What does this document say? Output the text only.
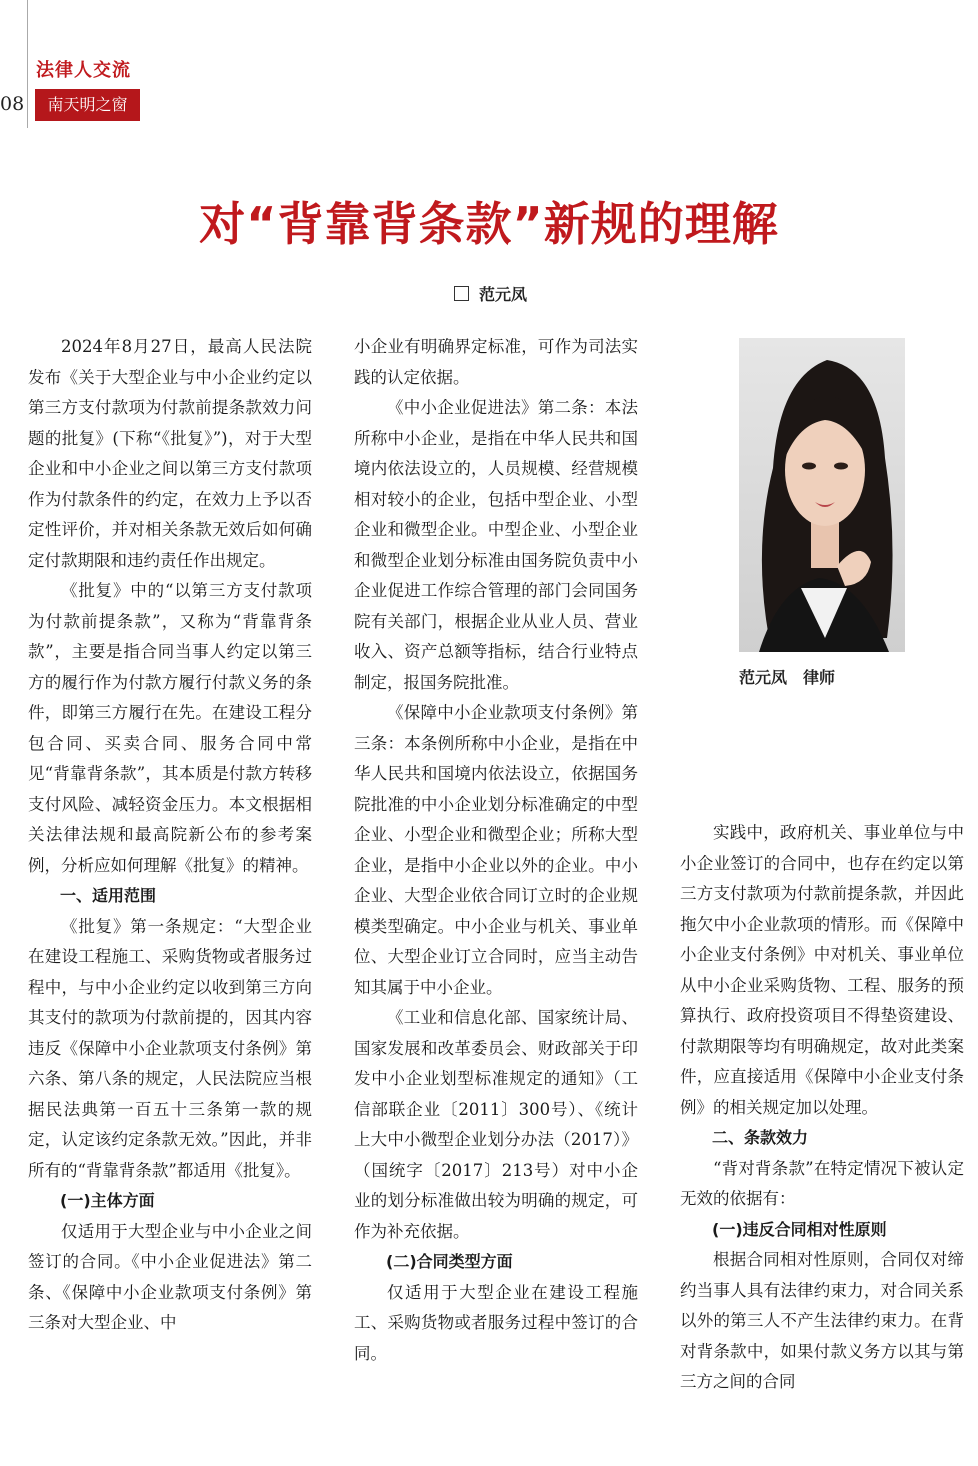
08
法律人交流
南天明之窗
对“背靠背条款”新规的理解
范元凤

2024年8月27日，最高人民法院发布《关于大型企业与中小企业约定以第三方支付款项为付款前提条款效力问题的批复》(下称“《批复》”)，对于大型企业和中小企业之间以第三方支付款项作为付款条件的约定，在效力上予以否定性评价，并对相关条款无效后如何确定付款期限和违约责任作出规定。

《批复》中的“以第三方支付款项为付款前提条款”，又称为“背靠背条款”，主要是指合同当事人约定以第三方的履行作为付款方履行付款义务的条件，即第三方履行在先。在建设工程分包合同、买卖合同、服务合同中常见“背靠背条款”，其本质是付款方转移支付风险、减轻资金压力。本文根据相关法律法规和最高院新公布的参考案例，分析应如何理解《批复》的精神。

一、适用范围

《批复》第一条规定：“大型企业在建设工程施工、采购货物或者服务过程中，与中小企业约定以收到第三方向其支付的款项为付款前提的，因其内容违反《保障中小企业款项支付条例》第六条、第八条的规定，人民法院应当根据民法典第一百五十三条第一款的规定，认定该约定条款无效。”因此，并非所有的“背靠背条款”都适用《批复》。

(一)主体方面

仅适用于大型企业与中小企业之间签订的合同。《中小企业促进法》第二条、《保障中小企业款项支付条例》第三条对大型企业、中

小企业有明确界定标准，可作为司法实践的认定依据。

《中小企业促进法》第二条：本法所称中小企业，是指在中华人民共和国境内依法设立的，人员规模、经营规模相对较小的企业，包括中型企业、小型企业和微型企业。中型企业、小型企业和微型企业划分标准由国务院负责中小企业促进工作综合管理的部门会同国务院有关部门，根据企业从业人员、营业收入、资产总额等指标，结合行业特点制定，报国务院批准。

《保障中小企业款项支付条例》第三条：本条例所称中小企业，是指在中华人民共和国境内依法设立，依据国务院批准的中小企业划分标准确定的中型企业、小型企业和微型企业；所称大型企业，是指中小企业以外的企业。中小企业、大型企业依合同订立时的企业规模类型确定。中小企业与机关、事业单位、大型企业订立合同时，应当主动告知其属于中小企业。

《工业和信息化部、国家统计局、国家发展和改革委员会、财政部关于印发中小企业划型标准规定的通知》（工信部联企业〔2011〕300号）、《统计上大中小微型企业划分办法（2017）》（国统字〔2017〕213号）对中小企业的划分标准做出较为明确的规定，可作为补充依据。

(二)合同类型方面

仅适用于大型企业在建设工程施工、采购货物或者服务过程中签订的合同。

范元凤　律师

实践中，政府机关、事业单位与中小企业签订的合同中，也存在约定以第三方支付款项为付款前提条款，并因此拖欠中小企业款项的情形。而《保障中小企业支付条例》中对机关、事业单位从中小企业采购货物、工程、服务的预算执行、政府投资项目不得垫资建设、付款期限等均有明确规定，故对此类案件，应直接适用《保障中小企业支付条例》的相关规定加以处理。

二、条款效力

“背对背条款”在特定情况下被认定无效的依据有：

(一)违反合同相对性原则

根据合同相对性原则，合同仅对缔约当事人具有法律约束力，对合同关系以外的第三人不产生法律约束力。在背对背条款中，如果付款义务方以其与第三方之间的合同
